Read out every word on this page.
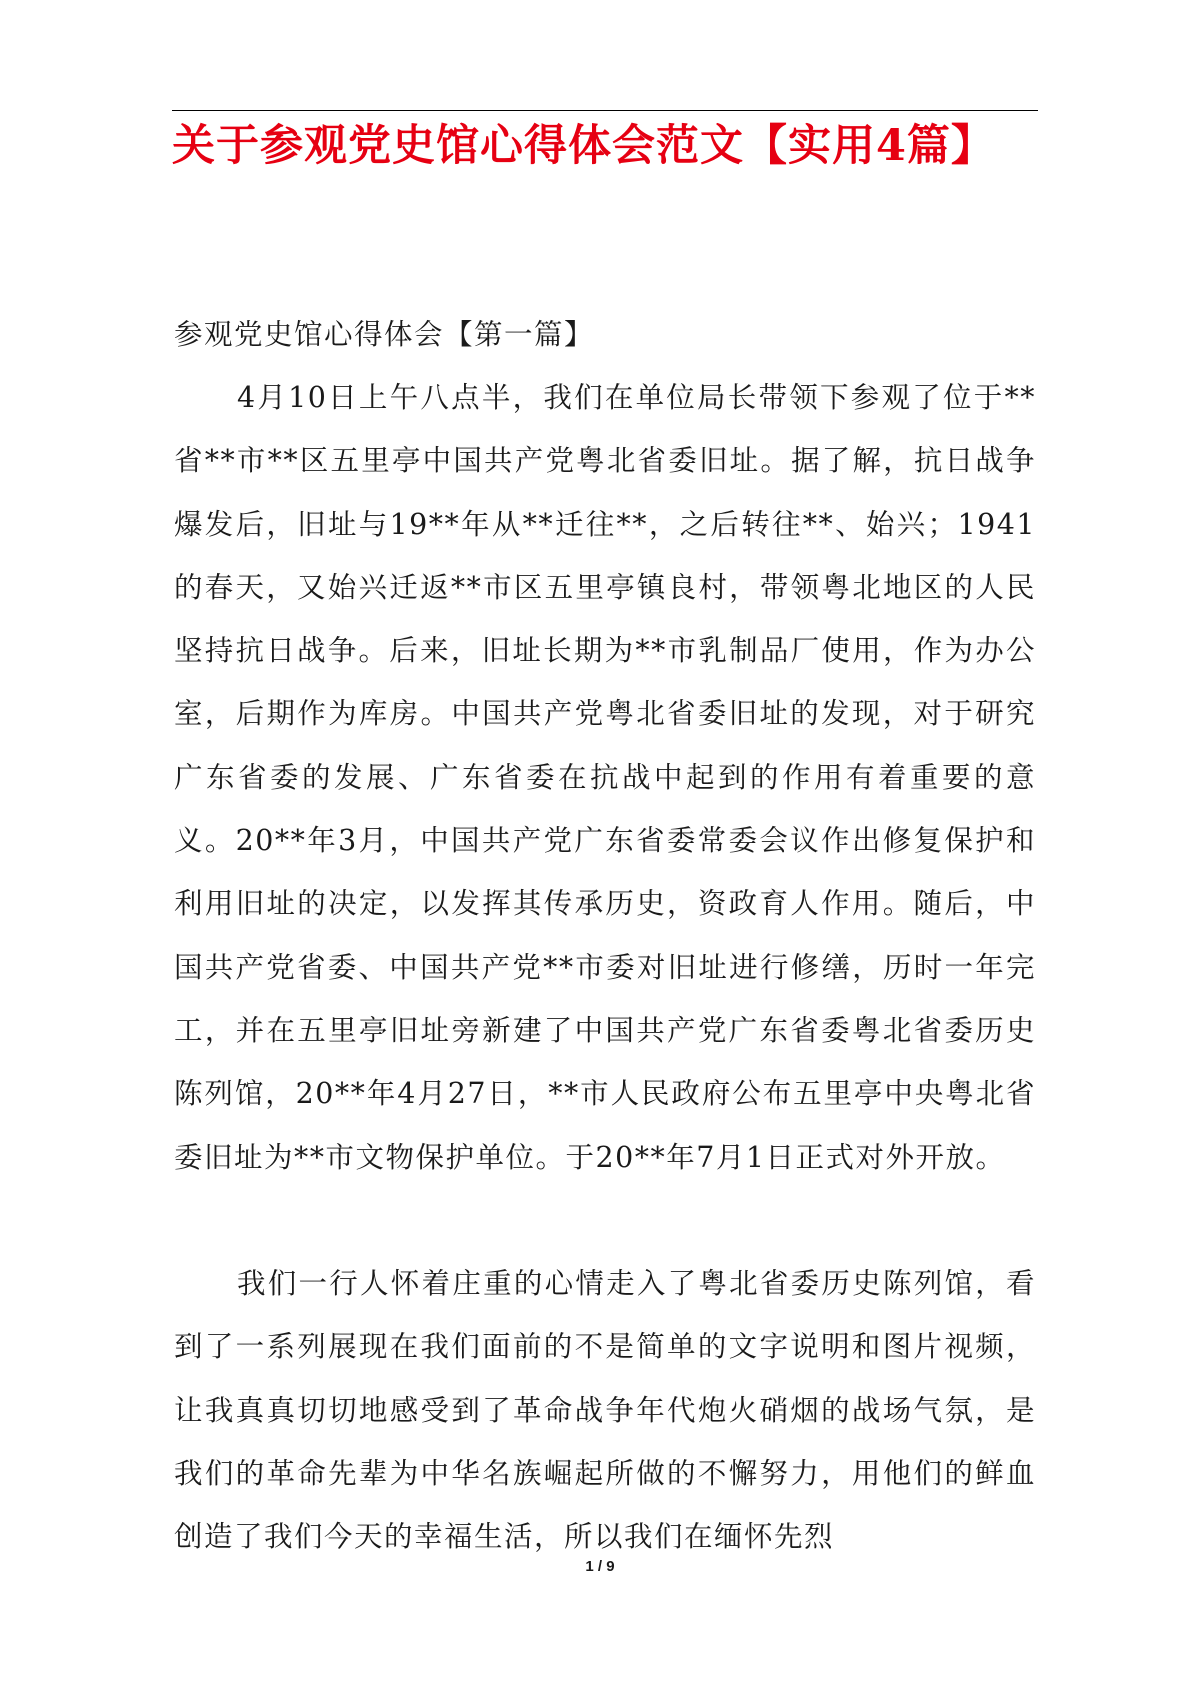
关于参观党史馆心得体会范文【实用4篇】

参观党史馆心得体会【第一篇】

4月10日上午八点半，我们在单位局长带领下参观了位于**省**市**区五里亭中国共产党粤北省委旧址。据了解，抗日战争爆发后，旧址与19**年从**迁往**，之后转往**、始兴；1941的春天，又始兴迁返**市区五里亭镇良村，带领粤北地区的人民坚持抗日战争。后来，旧址长期为**市乳制品厂使用，作为办公室，后期作为库房。中国共产党粤北省委旧址的发现，对于研究广东省委的发展、广东省委在抗战中起到的作用有着重要的意义。20**年3月，中国共产党广东省委常委会议作出修复保护和利用旧址的决定，以发挥其传承历史，资政育人作用。随后，中国共产党省委、中国共产党**市委对旧址进行修缮，历时一年完工，并在五里亭旧址旁新建了中国共产党广东省委粤北省委历史陈列馆，20**年4月27日，**市人民政府公布五里亭中央粤北省委旧址为**市文物保护单位。于20**年7月1日正式对外开放。

我们一行人怀着庄重的心情走入了粤北省委历史陈列馆，看到了一系列展现在我们面前的不是简单的文字说明和图片视频，让我真真切切地感受到了革命战争年代炮火硝烟的战场气氛，是我们的革命先辈为中华名族崛起所做的不懈努力，用他们的鲜血创造了我们今天的幸福生活，所以我们在缅怀先烈

1 / 9
